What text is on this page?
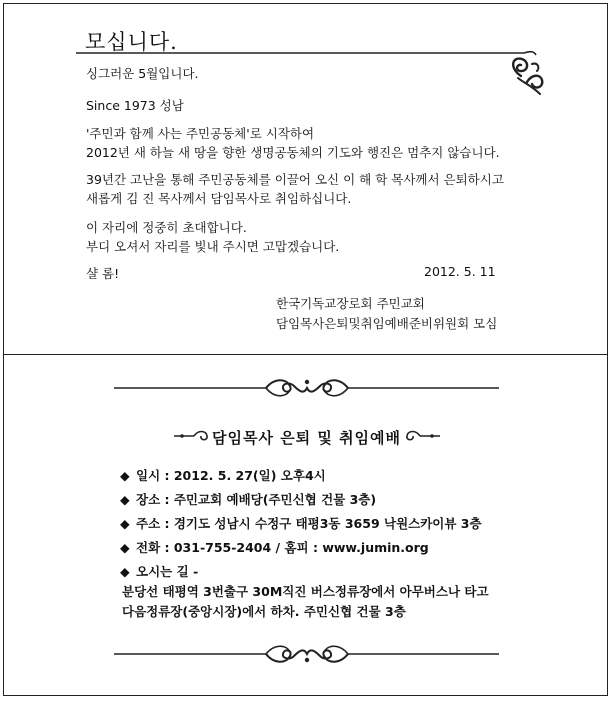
모십니다.
싱그러운 5월입니다.
Since 1973 성남
'주민과 함께 사는 주민공동체'로 시작하여
2012년 새 하늘 새 땅을 향한 생명공동체의 기도와 행진은 멈추지 않습니다.
39년간 고난을 통해 주민공동체를 이끌어 오신 이 해 학 목사께서 은퇴하시고
새롭게 김 진 목사께서 담임목사로 취임하십니다.
이 자리에 정중히 초대합니다.
부디 오셔서 자리를 빛내 주시면 고맙겠습니다.
샬 롬!	2012. 5. 11
한국기독교장로회 주민교회
담임목사은퇴및취임예배준비위원회 모심
담임목사 은퇴 및 취임예배
◆ 일시 : 2012. 5. 27(일) 오후4시
◆ 장소 : 주민교회 예배당(주민신협 건물 3층)
◆ 주소 : 경기도 성남시 수정구 태평3동 3659 낙원스카이뷰 3층
◆ 전화 : 031-755-2404 / 홈피 : www.jumin.org
◆ 오시는 길 -
분당선 태평역 3번출구 30M직진 버스정류장에서 아무버스나 타고
다음정류장(중앙시장)에서 하차. 주민신협 건물 3층
